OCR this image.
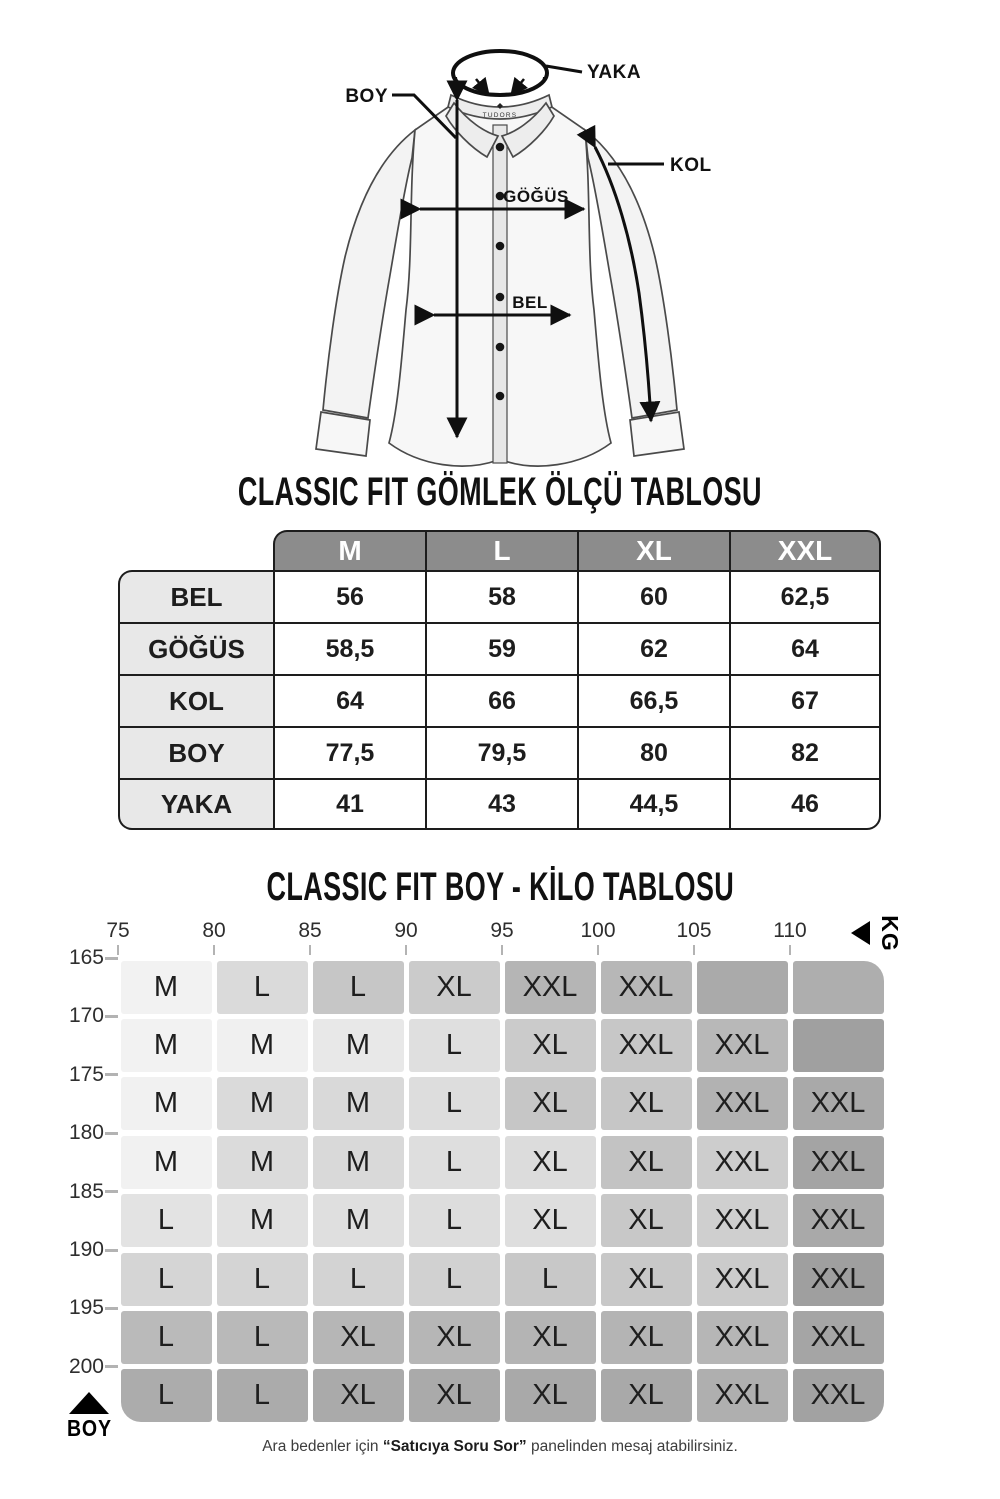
TUDORS
YAKA
BOY
KOL
GÖĞÜS
BEL
CLASSIC FIT GÖMLEK ÖLÇÜ TABLOSU
CLASSIC FIT BOY - KİLO TABLOSU
M	L	XL	XXL
BEL	56	58	60	62,5
GÖĞÜS	58,5	59	62	64
KOL	64	66	66,5	67
BOY	77,5	79,5	80	82
YAKA	41	43	44,5	46
75	80	85	90	95	100	105	110
165
170
175
180
185
190
195
200
M	L	L	XL	XXL	XXL
M	M	M	L	XL	XXL	XXL
M	M	M	L	XL	XL	XXL	XXL
M	M	M	L	XL	XL	XXL	XXL
L	M	M	L	XL	XL	XXL	XXL
L	L	L	L	L	XL	XXL	XXL
L	L	XL	XL	XL	XL	XXL	XXL
L	L	XL	XL	XL	XL	XXL	XXL
KG
BOY
Ara bedenler için “Satıcıya Soru Sor” panelinden mesaj atabilirsiniz.
